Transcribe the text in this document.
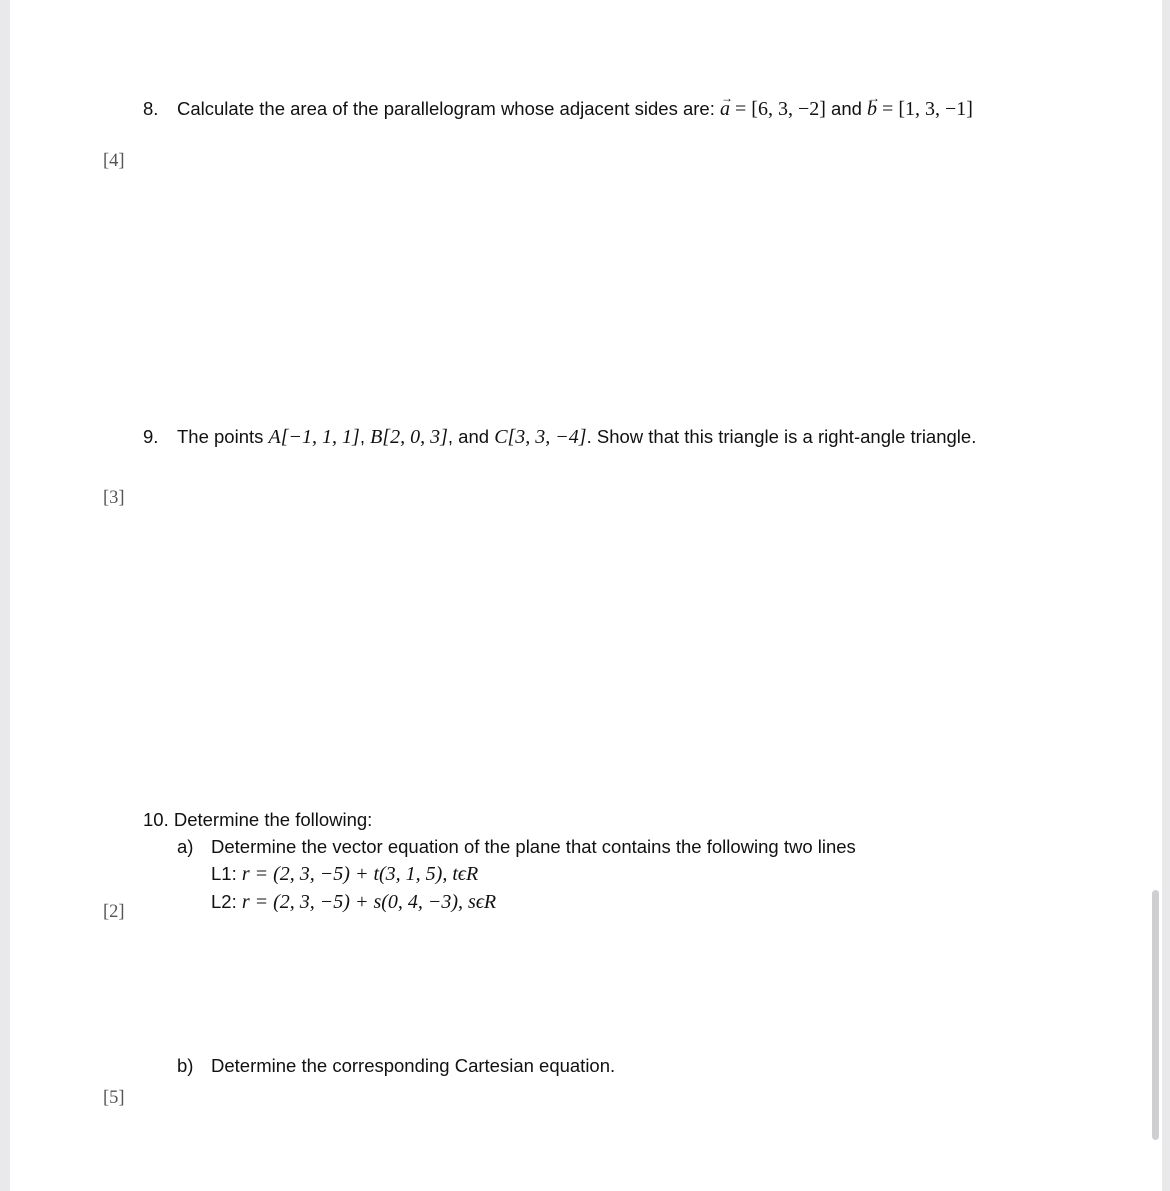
8. Calculate the area of the parallelogram whose adjacent sides are: a → = [6, 3, −2] and b → = [1, 3, −1]
[4]
9. The points A[−1, 1, 1], B[2, 0, 3], and C[3, 3, −4]. Show that this triangle is a right-angle triangle.
[3]
10. Determine the following:
a) Determine the vector equation of the plane that contains the following two lines
L1: r = (2, 3, −5) + t(3, 1, 5), tϵR
L2: r = (2, 3, −5) + s(0, 4, −3), sϵR
[2]
b) Determine the corresponding Cartesian equation.
[5]
